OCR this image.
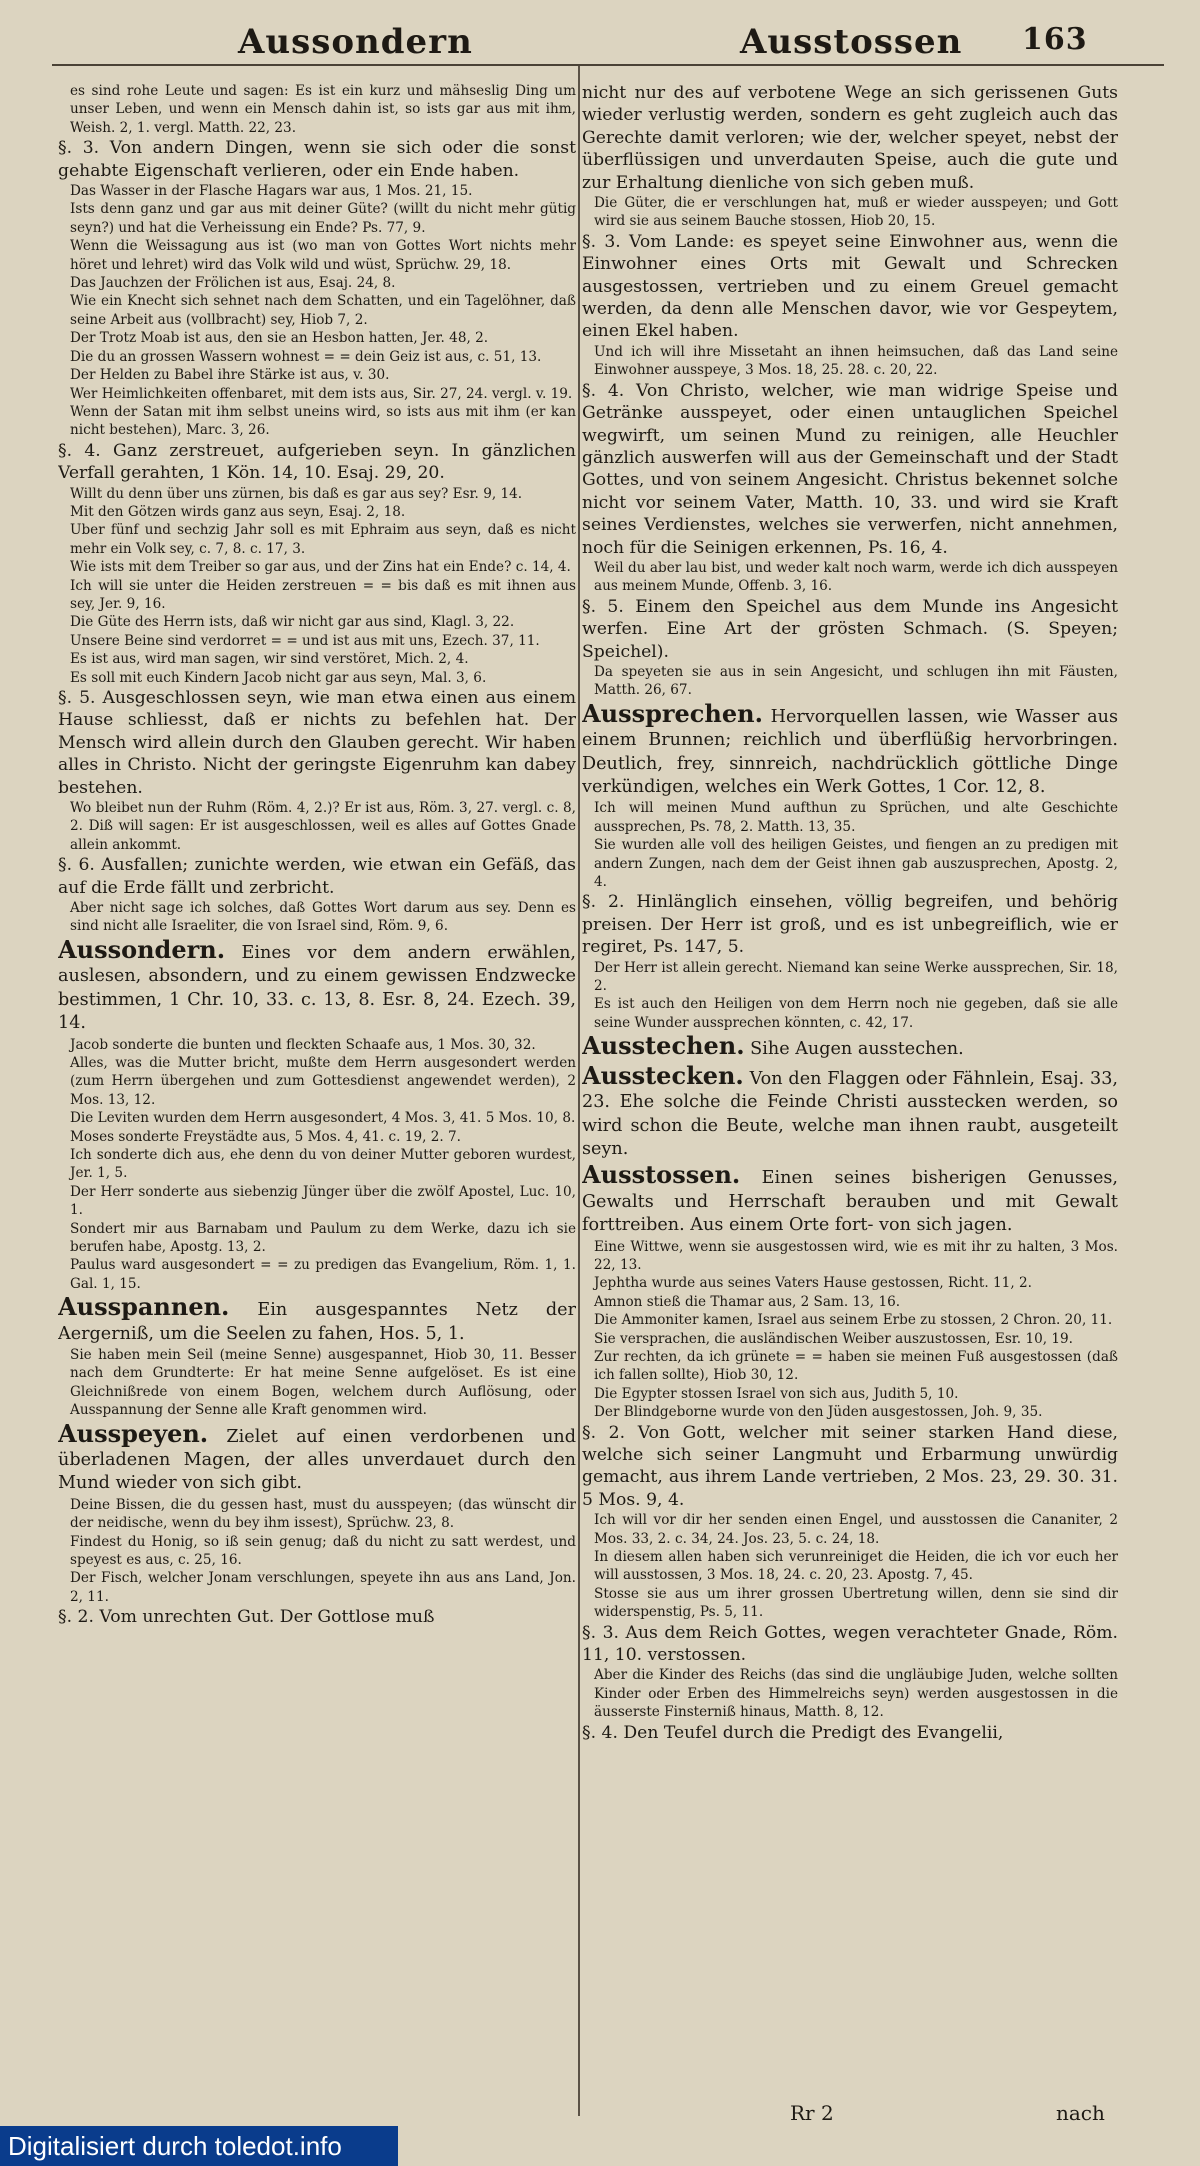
Aussondern	Ausstossen 163

es sind rohe Leute und sagen: Es ist ein kurz und mähseslig Ding um unser Leben, und wenn ein Mensch dahin ist, so ists gar aus mit ihm, Weish. 2, 1. vergl. Matth. 22, 23.

§. 3. Von andern Dingen, wenn sie sich oder die sonst gehabte Eigenschaft verlieren, oder ein Ende haben.

Das Wasser in der Flasche Hagars war aus, 1 Mos. 21, 15.

Ists denn ganz und gar aus mit deiner Güte? (willt du nicht mehr gütig seyn?) und hat die Verheissung ein Ende? Ps. 77, 9.

Wenn die Weissagung aus ist (wo man von Gottes Wort nichts mehr höret und lehret) wird das Volk wild und wüst, Sprüchw. 29, 18.

Das Jauchzen der Frölichen ist aus, Esaj. 24, 8.

Wie ein Knecht sich sehnet nach dem Schatten, und ein Tagelöhner, daß seine Arbeit aus (vollbracht) sey, Hiob 7, 2.

Der Trotz Moab ist aus, den sie an Hesbon hatten, Jer. 48, 2.

Die du an grossen Wassern wohnest = = dein Geiz ist aus, c. 51, 13.

Der Helden zu Babel ihre Stärke ist aus, v. 30.

Wer Heimlichkeiten offenbaret, mit dem ists aus, Sir. 27, 24. vergl. v. 19.

Wenn der Satan mit ihm selbst uneins wird, so ists aus mit ihm (er kan nicht bestehen), Marc. 3, 26.

§. 4. Ganz zerstreuet, aufgerieben seyn. In gänzlichen Verfall gerahten, 1 Kön. 14, 10. Esaj. 29, 20.

Willt du denn über uns zürnen, bis daß es gar aus sey? Esr. 9, 14.

Mit den Götzen wirds ganz aus seyn, Esaj. 2, 18.

Uber fünf und sechzig Jahr soll es mit Ephraim aus seyn, daß es nicht mehr ein Volk sey, c. 7, 8. c. 17, 3.

Wie ists mit dem Treiber so gar aus, und der Zins hat ein Ende? c. 14, 4.

Ich will sie unter die Heiden zerstreuen = = bis daß es mit ihnen aus sey, Jer. 9, 16.

Die Güte des Herrn ists, daß wir nicht gar aus sind, Klagl. 3, 22.

Unsere Beine sind verdorret = = und ist aus mit uns, Ezech. 37, 11.

Es ist aus, wird man sagen, wir sind verstöret, Mich. 2, 4.

Es soll mit euch Kindern Jacob nicht gar aus seyn, Mal. 3, 6.

§. 5. Ausgeschlossen seyn, wie man etwa einen aus einem Hause schliesst, daß er nichts zu befehlen hat. Der Mensch wird allein durch den Glauben gerecht. Wir haben alles in Christo. Nicht der geringste Eigenruhm kan dabey bestehen.

Wo bleibet nun der Ruhm (Röm. 4, 2.)? Er ist aus, Röm. 3, 27. vergl. c. 8, 2. Diß will sagen: Er ist ausgeschlossen, weil es alles auf Gottes Gnade allein ankommt.

§. 6. Ausfallen; zunichte werden, wie etwan ein Gefäß, das auf die Erde fällt und zerbricht.

Aber nicht sage ich solches, daß Gottes Wort darum aus sey. Denn es sind nicht alle Israeliter, die von Israel sind, Röm. 9, 6.

Aussondern. Eines vor dem andern erwählen, auslesen, absondern, und zu einem gewissen Endzwecke bestimmen, 1 Chr. 10, 33. c. 13, 8. Esr. 8, 24. Ezech. 39, 14.

Jacob sonderte die bunten und fleckten Schaafe aus, 1 Mos. 30, 32.

Alles, was die Mutter bricht, mußte dem Herrn ausgesondert werden (zum Herrn übergehen und zum Gottesdienst angewendet werden), 2 Mos. 13, 12.

Die Leviten wurden dem Herrn ausgesondert, 4 Mos. 3, 41. 5 Mos. 10, 8.

Moses sonderte Freystädte aus, 5 Mos. 4, 41. c. 19, 2. 7.

Ich sonderte dich aus, ehe denn du von deiner Mutter geboren wurdest, Jer. 1, 5.

Der Herr sonderte aus siebenzig Jünger über die zwölf Apostel, Luc. 10, 1.

Sondert mir aus Barnabam und Paulum zu dem Werke, dazu ich sie berufen habe, Apostg. 13, 2.

Paulus ward ausgesondert = = zu predigen das Evangelium, Röm. 1, 1. Gal. 1, 15.

Ausspannen. Ein ausgespanntes Netz der Aergerniß, um die Seelen zu fahen, Hos. 5, 1.

Sie haben mein Seil (meine Senne) ausgespannet, Hiob 30, 11. Besser nach dem Grundterte: Er hat meine Senne aufgelöset. Es ist eine Gleichnißrede von einem Bogen, welchem durch Auflösung, oder Ausspannung der Senne alle Kraft genommen wird.

Ausspeyen. Zielet auf einen verdorbenen und überladenen Magen, der alles unverdauet durch den Mund wieder von sich gibt.

Deine Bissen, die du gessen hast, must du ausspeyen; (das wünscht dir der neidische, wenn du bey ihm issest), Sprüchw. 23, 8.

Findest du Honig, so iß sein genug; daß du nicht zu satt werdest, und speyest es aus, c. 25, 16.

Der Fisch, welcher Jonam verschlungen, speyete ihn aus ans Land, Jon. 2, 11.

§. 2. Vom unrechten Gut. Der Gottlose muß

nicht nur des auf verbotene Wege an sich gerissenen Guts wieder verlustig werden, sondern es geht zugleich auch das Gerechte damit verloren; wie der, welcher speyet, nebst der überflüssigen und unverdauten Speise, auch die gute und zur Erhaltung dienliche von sich geben muß.

Die Güter, die er verschlungen hat, muß er wieder ausspeyen; und Gott wird sie aus seinem Bauche stossen, Hiob 20, 15.

§. 3. Vom Lande: es speyet seine Einwohner aus, wenn die Einwohner eines Orts mit Gewalt und Schrecken ausgestossen, vertrieben und zu einem Greuel gemacht werden, da denn alle Menschen davor, wie vor Gespeytem, einen Ekel haben.

Und ich will ihre Missetaht an ihnen heimsuchen, daß das Land seine Einwohner ausspeye, 3 Mos. 18, 25. 28. c. 20, 22.

§. 4. Von Christo, welcher, wie man widrige Speise und Getränke ausspeyet, oder einen untauglichen Speichel wegwirft, um seinen Mund zu reinigen, alle Heuchler gänzlich auswerfen will aus der Gemeinschaft und der Stadt Gottes, und von seinem Angesicht. Christus bekennet solche nicht vor seinem Vater, Matth. 10, 33. und wird sie Kraft seines Verdienstes, welches sie verwerfen, nicht annehmen, noch für die Seinigen erkennen, Ps. 16, 4.

Weil du aber lau bist, und weder kalt noch warm, werde ich dich ausspeyen aus meinem Munde, Offenb. 3, 16.

§. 5. Einem den Speichel aus dem Munde ins Angesicht werfen. Eine Art der grösten Schmach. (S. Speyen; Speichel).

Da speyeten sie aus in sein Angesicht, und schlugen ihn mit Fäusten, Matth. 26, 67.

Aussprechen. Hervorquellen lassen, wie Wasser aus einem Brunnen; reichlich und überflüßig hervorbringen. Deutlich, frey, sinnreich, nachdrücklich göttliche Dinge verkündigen, welches ein Werk Gottes, 1 Cor. 12, 8.

Ich will meinen Mund aufthun zu Sprüchen, und alte Geschichte aussprechen, Ps. 78, 2. Matth. 13, 35.

Sie wurden alle voll des heiligen Geistes, und fiengen an zu predigen mit andern Zungen, nach dem der Geist ihnen gab auszusprechen, Apostg. 2, 4.

§. 2. Hinlänglich einsehen, völlig begreifen, und behörig preisen. Der Herr ist groß, und es ist unbegreiflich, wie er regiret, Ps. 147, 5.

Der Herr ist allein gerecht. Niemand kan seine Werke aussprechen, Sir. 18, 2.

Es ist auch den Heiligen von dem Herrn noch nie gegeben, daß sie alle seine Wunder aussprechen könnten, c. 42, 17.

Ausstechen. Sihe Augen ausstechen.

Ausstecken. Von den Flaggen oder Fähnlein, Esaj. 33, 23. Ehe solche die Feinde Christi ausstecken werden, so wird schon die Beute, welche man ihnen raubt, ausgeteilt seyn.

Ausstossen. Einen seines bisherigen Genusses, Gewalts und Herrschaft berauben und mit Gewalt forttreiben. Aus einem Orte fort- von sich jagen.

Eine Wittwe, wenn sie ausgestossen wird, wie es mit ihr zu halten, 3 Mos. 22, 13.

Jephtha wurde aus seines Vaters Hause gestossen, Richt. 11, 2.

Amnon stieß die Thamar aus, 2 Sam. 13, 16.

Die Ammoniter kamen, Israel aus seinem Erbe zu stossen, 2 Chron. 20, 11.

Sie versprachen, die ausländischen Weiber auszustossen, Esr. 10, 19.

Zur rechten, da ich grünete = = haben sie meinen Fuß ausgestossen (daß ich fallen sollte), Hiob 30, 12.

Die Egypter stossen Israel von sich aus, Judith 5, 10.

Der Blindgeborne wurde von den Jüden ausgestossen, Joh. 9, 35.

§. 2. Von Gott, welcher mit seiner starken Hand diese, welche sich seiner Langmuht und Erbarmung unwürdig gemacht, aus ihrem Lande vertrieben, 2 Mos. 23, 29. 30. 31. 5 Mos. 9, 4.

Ich will vor dir her senden einen Engel, und ausstossen die Cananiter, 2 Mos. 33, 2. c. 34, 24. Jos. 23, 5. c. 24, 18.

In diesem allen haben sich verunreiniget die Heiden, die ich vor euch her will ausstossen, 3 Mos. 18, 24. c. 20, 23. Apostg. 7, 45.

Stosse sie aus um ihrer grossen Ubertretung willen, denn sie sind dir widerspenstig, Ps. 5, 11.

§. 3. Aus dem Reich Gottes, wegen verachteter Gnade, Röm. 11, 10. verstossen.

Aber die Kinder des Reichs (das sind die ungläubige Juden, welche sollten Kinder oder Erben des Himmelreichs seyn) werden ausgestossen in die äusserste Finsterniß hinaus, Matth. 8, 12.

§. 4. Den Teufel durch die Predigt des Evangelii,

Rr 2	nach
Digitalisiert durch toledot.info
